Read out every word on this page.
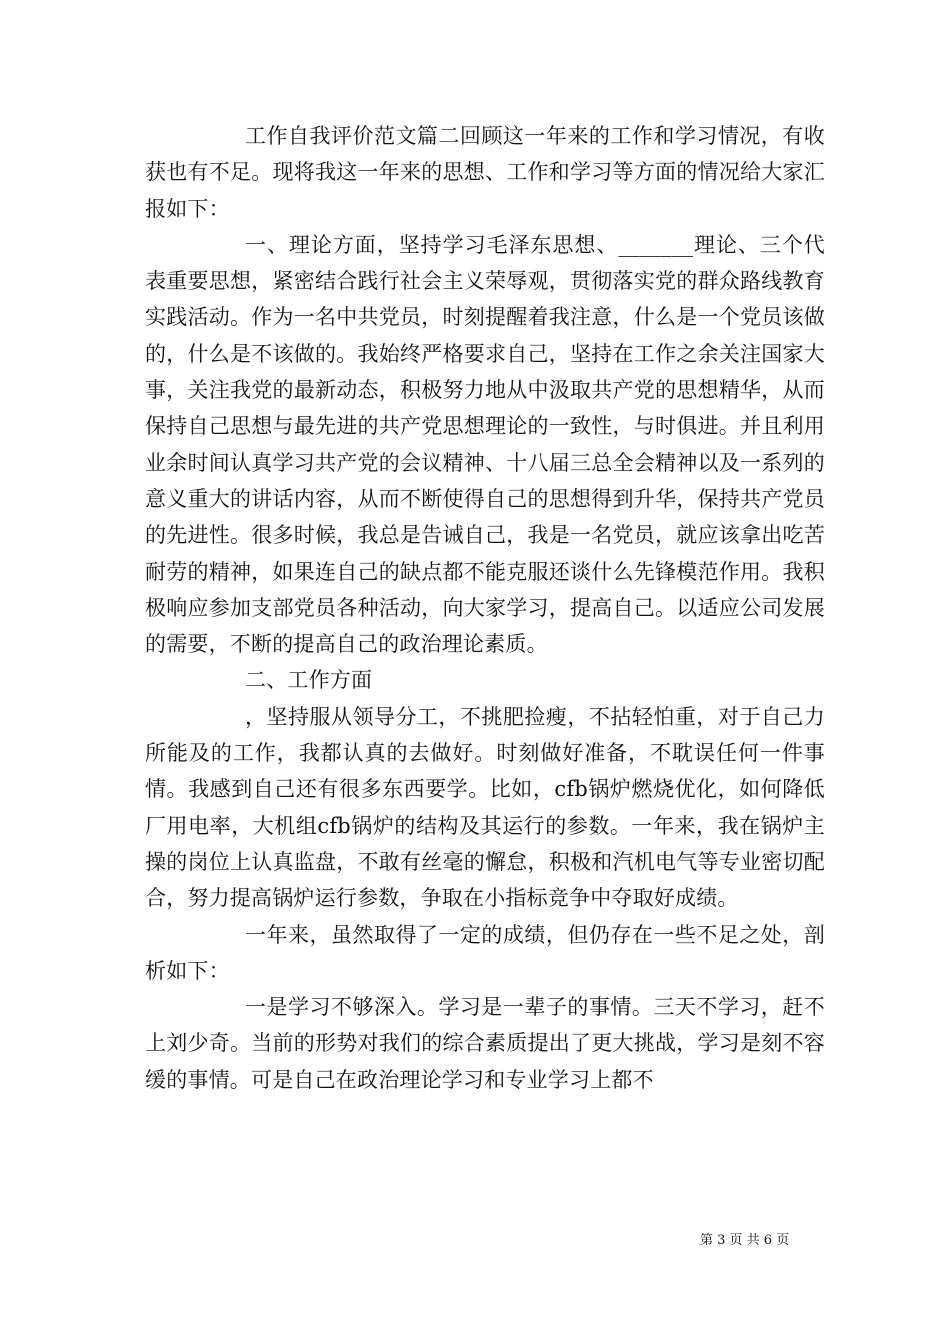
工作自我评价范文篇二回顾这一年来的工作和学习情况，有收获也有不足。现将我这一年来的思想、工作和学习等方面的情况给大家汇报如下：

一、理论方面，坚持学习毛泽东思想、_______理论、三个代表重要思想，紧密结合践行社会主义荣辱观，贯彻落实党的群众路线教育实践活动。作为一名中共党员，时刻提醒着我注意，什么是一个党员该做的，什么是不该做的。我始终严格要求自己，坚持在工作之余关注国家大事，关注我党的最新动态，积极努力地从中汲取共产党的思想精华，从而保持自己思想与最先进的共产党思想理论的一致性，与时俱进。并且利用业余时间认真学习共产党的会议精神、十八届三总全会精神以及一系列的意义重大的讲话内容，从而不断使得自己的思想得到升华，保持共产党员的先进性。很多时候，我总是告诫自己，我是一名党员，就应该拿出吃苦耐劳的精神，如果连自己的缺点都不能克服还谈什么先锋模范作用。我积极响应参加支部党员各种活动，向大家学习，提高自己。以适应公司发展的需要，不断的提高自己的政治理论素质。

二、工作方面

，坚持服从领导分工，不挑肥捡瘦，不拈轻怕重，对于自己力所能及的工作，我都认真的去做好。时刻做好准备，不耽误任何一件事情。我感到自己还有很多东西要学。比如，cfb锅炉燃烧优化，如何降低厂用电率，大机组cfb锅炉的结构及其运行的参数。一年来，我在锅炉主操的岗位上认真监盘，不敢有丝毫的懈怠，积极和汽机电气等专业密切配合，努力提高锅炉运行参数，争取在小指标竞争中夺取好成绩。

一年来，虽然取得了一定的成绩，但仍存在一些不足之处，剖析如下：

一是学习不够深入。学习是一辈子的事情。三天不学习，赶不上刘少奇。当前的形势对我们的综合素质提出了更大挑战，学习是刻不容缓的事情。可是自己在政治理论学习和专业学习上都不

第 3 页 共 6 页
